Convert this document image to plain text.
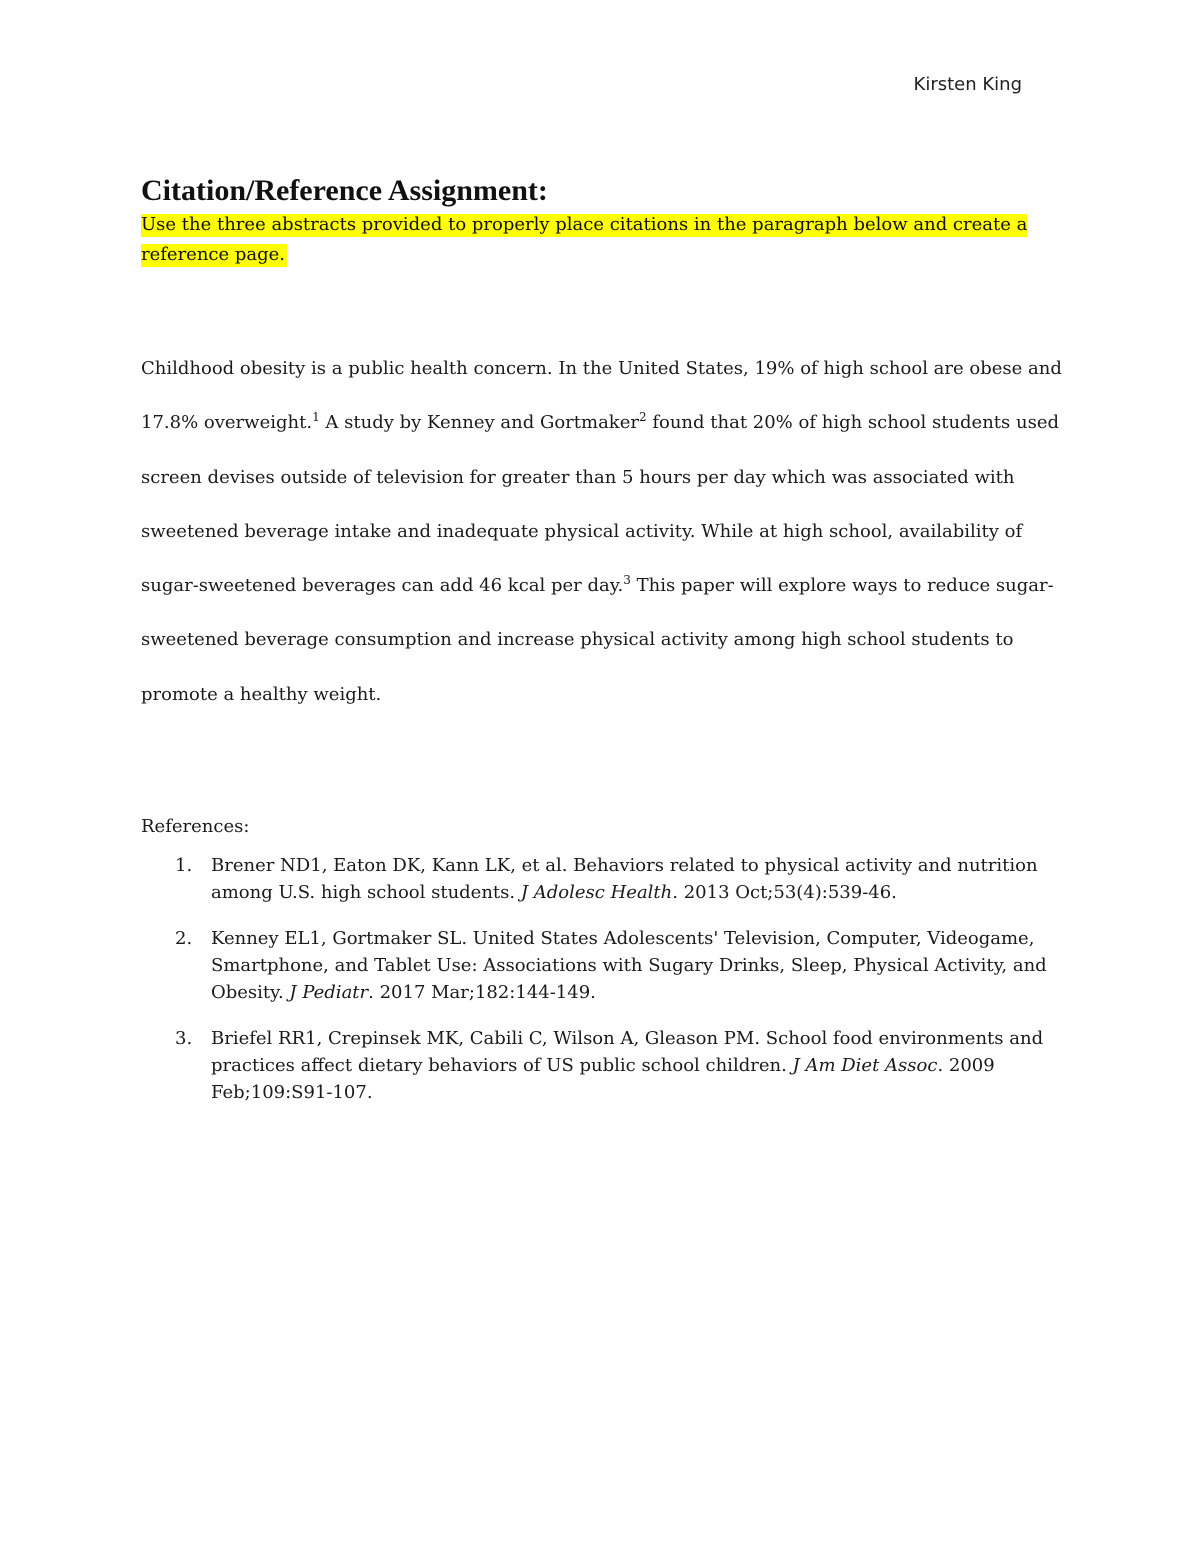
Kirsten King
Citation/Reference Assignment:

Use the three abstracts provided to properly place citations in the paragraph below and create a reference page.

Childhood obesity is a public health concern. In the United States, 19% of high school are obese and 17.8% overweight.$^1$ A study by Kenney and Gortmaker$^2$ found that 20% of high school students used screen devises outside of television for greater than 5 hours per day which was associated with sweetened beverage intake and inadequate physical activity. While at high school, availability of sugar-sweetened beverages can add 46 kcal per day.$^3$ This paper will explore ways to reduce sugar-sweetened beverage consumption and increase physical activity among high school students to promote a healthy weight.

References:

1. Brener ND1, Eaton DK, Kann LK, et al. Behaviors related to physical activity and nutrition among U.S. high school students. J Adolesc Health. 2013 Oct;53(4):539-46.
2. Kenney EL1, Gortmaker SL. United States Adolescents' Television, Computer, Videogame, Smartphone, and Tablet Use: Associations with Sugary Drinks, Sleep, Physical Activity, and Obesity. J Pediatr. 2017 Mar;182:144-149.
3. Briefel RR1, Crepinsek MK, Cabili C, Wilson A, Gleason PM. School food environments and practices affect dietary behaviors of US public school children. J Am Diet Assoc. 2009 Feb;109:S91-107.
